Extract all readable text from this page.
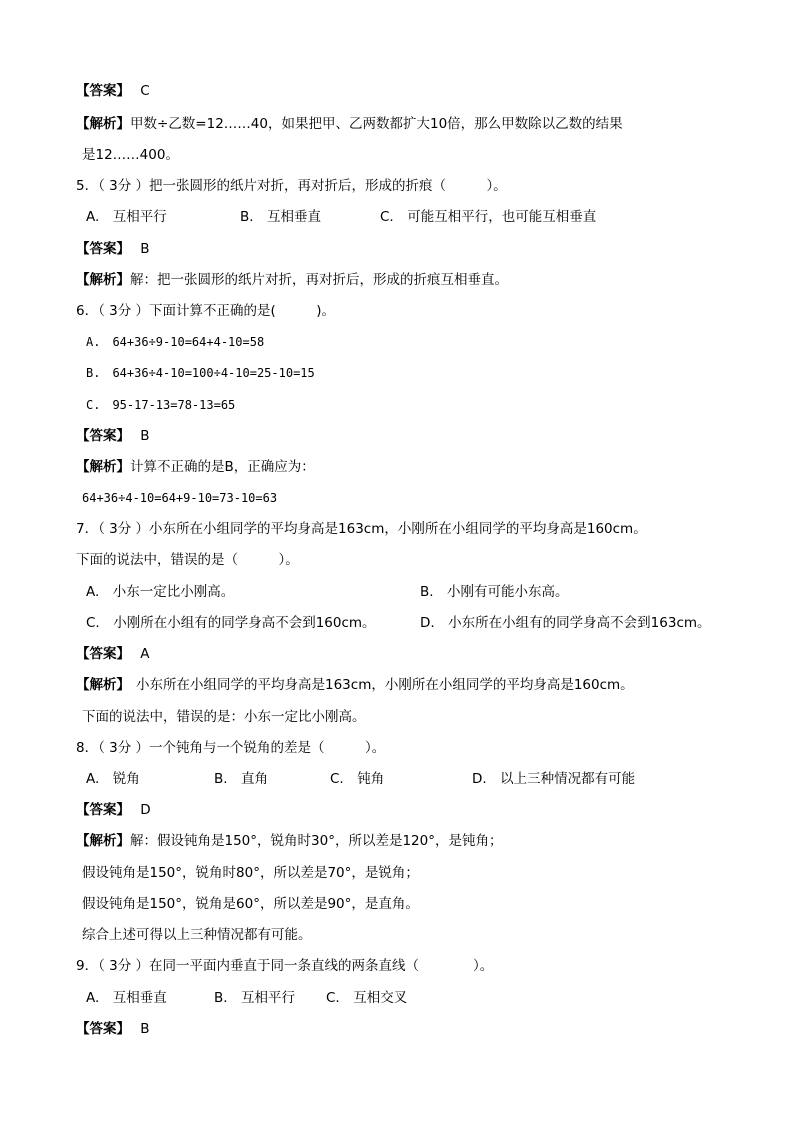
【答案】 C
【解析】甲数÷乙数=12……40，如果把甲、乙两数都扩大10倍，那么甲数除以乙数的结果
是12……400。
5．（ 3分 ）把一张圆形的纸片对折，再对折后，形成的折痕（　　　）。
A.　互相平行	B.　互相垂直	C.　可能互相平行，也可能互相垂直
【答案】 B
【解析】解：把一张圆形的纸片对折，再对折后，形成的折痕互相垂直。
6．（ 3分 ）下面计算不正确的是(　　　)。
A.　64+36÷9-10=64+4-10=58
B.　64+36÷4-10=100÷4-10=25-10=15
C.　95-17-13=78-13=65
【答案】 B
【解析】计算不正确的是B，正确应为：
64+36÷4-10=64+9-10=73-10=63
7．（ 3分 ）小东所在小组同学的平均身高是163cm，小刚所在小组同学的平均身高是160cm。
下面的说法中，错误的是（　　　）。
A.　小东一定比小刚高。	B.　小刚有可能小东高。
C.　小刚所在小组有的同学身高不会到160cm。	D.　小东所在小组有的同学身高不会到163cm。
【答案】 A
【解析】 小东所在小组同学的平均身高是163cm，小刚所在小组同学的平均身高是160cm。
下面的说法中，错误的是：小东一定比小刚高。
8．（ 3分 ）一个钝角与一个锐角的差是（　　　）。
A.　锐角	B.　直角	C.　钝角	D.　以上三种情况都有可能
【答案】 D
【解析】解：假设钝角是150°，锐角时30°，所以差是120°，是钝角；
假设钝角是150°，锐角时80°，所以差是70°，是锐角；
假设钝角是150°，锐角是60°，所以差是90°，是直角。
综合上述可得以上三种情况都有可能。
9．（ 3分 ）在同一平面内垂直于同一条直线的两条直线（　　　　）。
A.　互相垂直	B.　互相平行 C.　互相交叉
【答案】 B
